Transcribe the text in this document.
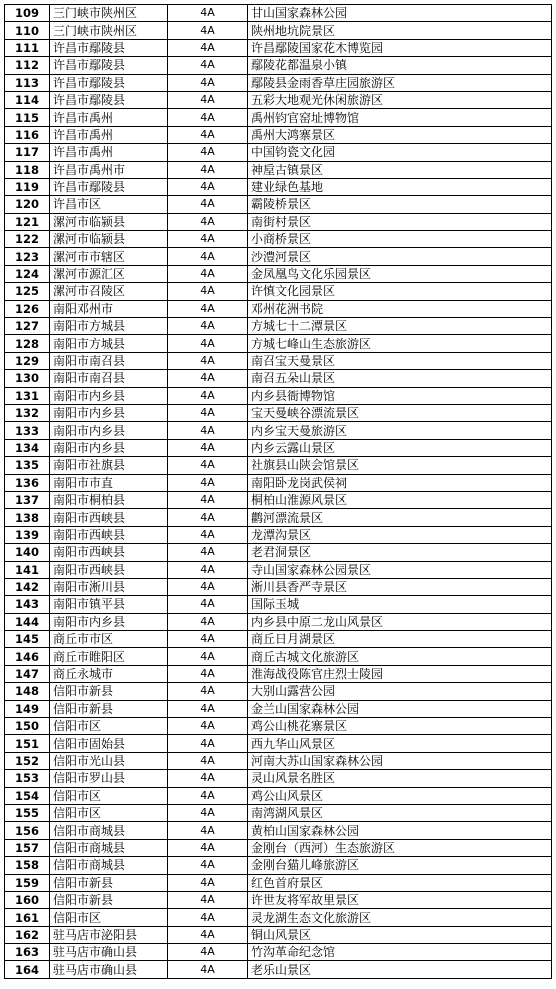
109	三门峡市陕州区	4A	甘山国家森林公园
110	三门峡市陕州区	4A	陕州地坑院景区
111	许昌市鄢陵县	4A	许昌鄢陵国家花木博览园
112	许昌市鄢陵县	4A	鄢陵花都温泉小镇
113	许昌市鄢陵县	4A	鄢陵县金雨香草庄园旅游区
114	许昌市鄢陵县	4A	五彩大地观光休闲旅游区
115	许昌市禹州	4A	禹州钧官窑址博物馆
116	许昌市禹州	4A	禹州大鸿寨景区
117	许昌市禹州	4A	中国钧瓷文化园
118	许昌市禹州市	4A	神垕古镇景区
119	许昌市鄢陵县	4A	建业绿色基地
120	许昌市区	4A	霸陵桥景区
121	漯河市临颍县	4A	南街村景区
122	漯河市临颍县	4A	小商桥景区
123	漯河市市辖区	4A	沙澧河景区
124	漯河市源汇区	4A	金凤凰鸟文化乐园景区
125	漯河市召陵区	4A	许慎文化园景区
126	南阳邓州市	4A	邓州花洲书院
127	南阳市方城县	4A	方城七十二潭景区
128	南阳市方城县	4A	方城七峰山生态旅游区
129	南阳市南召县	4A	南召宝天曼景区
130	南阳市南召县	4A	南召五朵山景区
131	南阳市内乡县	4A	内乡县衙博物馆
132	南阳市内乡县	4A	宝天曼峡谷漂流景区
133	南阳市内乡县	4A	内乡宝天曼旅游区
134	南阳市内乡县	4A	内乡云露山景区
135	南阳市社旗县	4A	社旗县山陕会馆景区
136	南阳市市直	4A	南阳卧龙岗武侯祠
137	南阳市桐柏县	4A	桐柏山淮源风景区
138	南阳市西峡县	4A	鹳河漂流景区
139	南阳市西峡县	4A	龙潭沟景区
140	南阳市西峡县	4A	老君洞景区
141	南阳市西峡县	4A	寺山国家森林公园景区
142	南阳市淅川县	4A	淅川县香严寺景区
143	南阳市镇平县	4A	国际玉城
144	南阳市内乡县	4A	内乡县中原二龙山风景区
145	商丘市市区	4A	商丘日月湖景区
146	商丘市睢阳区	4A	商丘古城文化旅游区
147	商丘永城市	4A	淮海战役陈官庄烈士陵园
148	信阳市新县	4A	大别山露营公园
149	信阳市新县	4A	金兰山国家森林公园
150	信阳市区	4A	鸡公山桃花寨景区
151	信阳市固始县	4A	西九华山风景区
152	信阳市光山县	4A	河南大苏山国家森林公园
153	信阳市罗山县	4A	灵山风景名胜区
154	信阳市区	4A	鸡公山风景区
155	信阳市区	4A	南湾湖风景区
156	信阳市商城县	4A	黄柏山国家森林公园
157	信阳市商城县	4A	金刚台（西河）生态旅游区
158	信阳市商城县	4A	金刚台猫儿峰旅游区
159	信阳市新县	4A	红色首府景区
160	信阳市新县	4A	许世友将军故里景区
161	信阳市区	4A	灵龙湖生态文化旅游区
162	驻马店市泌阳县	4A	铜山风景区
163	驻马店市确山县	4A	竹沟革命纪念馆
164	驻马店市确山县	4A	老乐山景区
